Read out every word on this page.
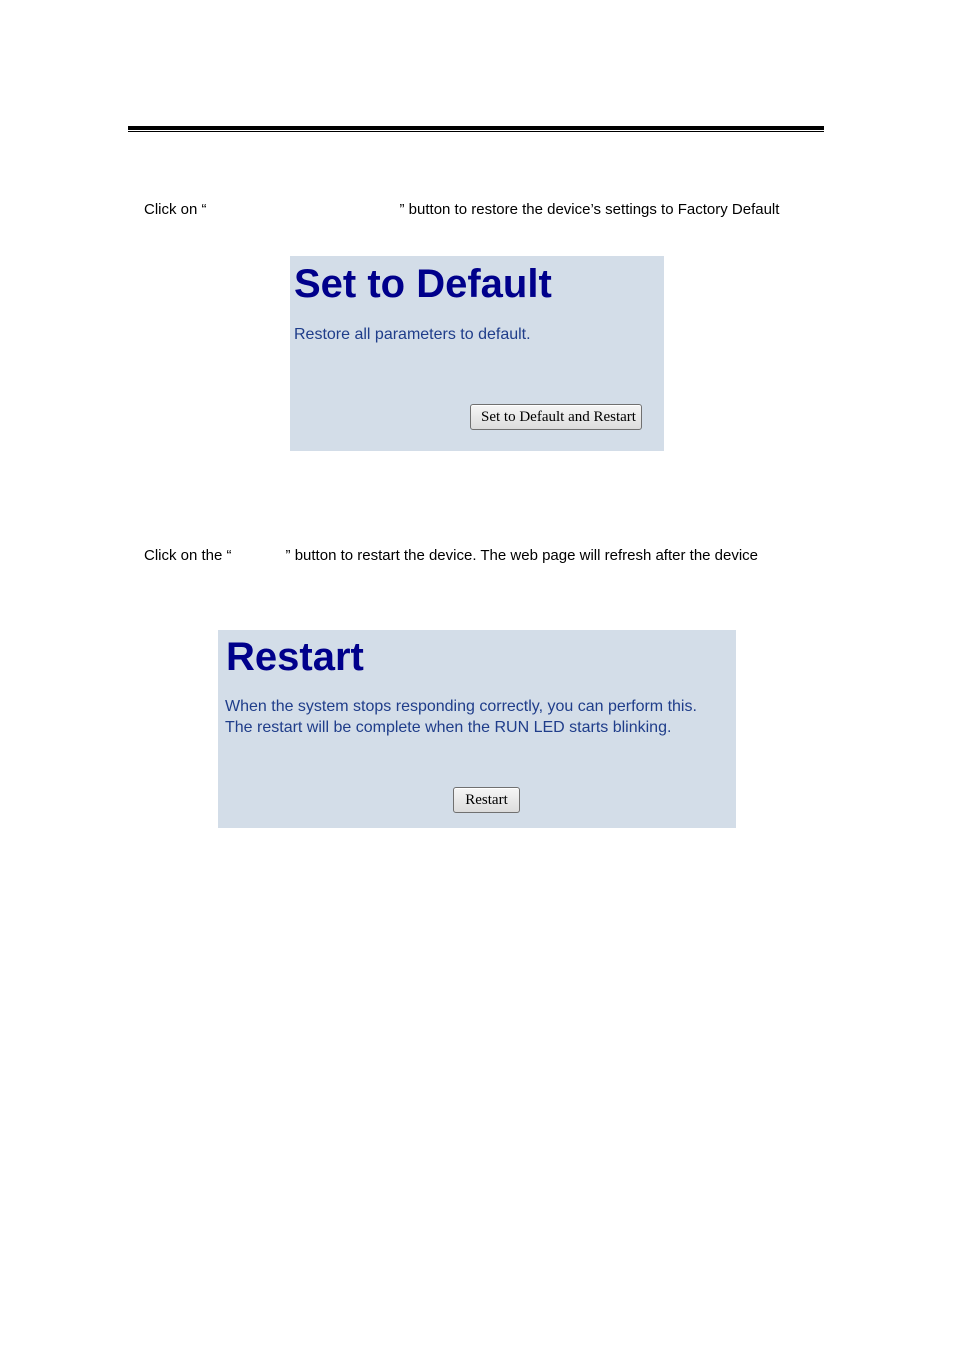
Click on “	” button to restore the device’s settings to Factory Default

Set to Default

Restore all parameters to default.

Set to Default and Restart

Click on the “	” button to restart the device. The web page will refresh after the device

Restart

When the system stops responding correctly, you can perform this.

The restart will be complete when the RUN LED starts blinking.

Restart
